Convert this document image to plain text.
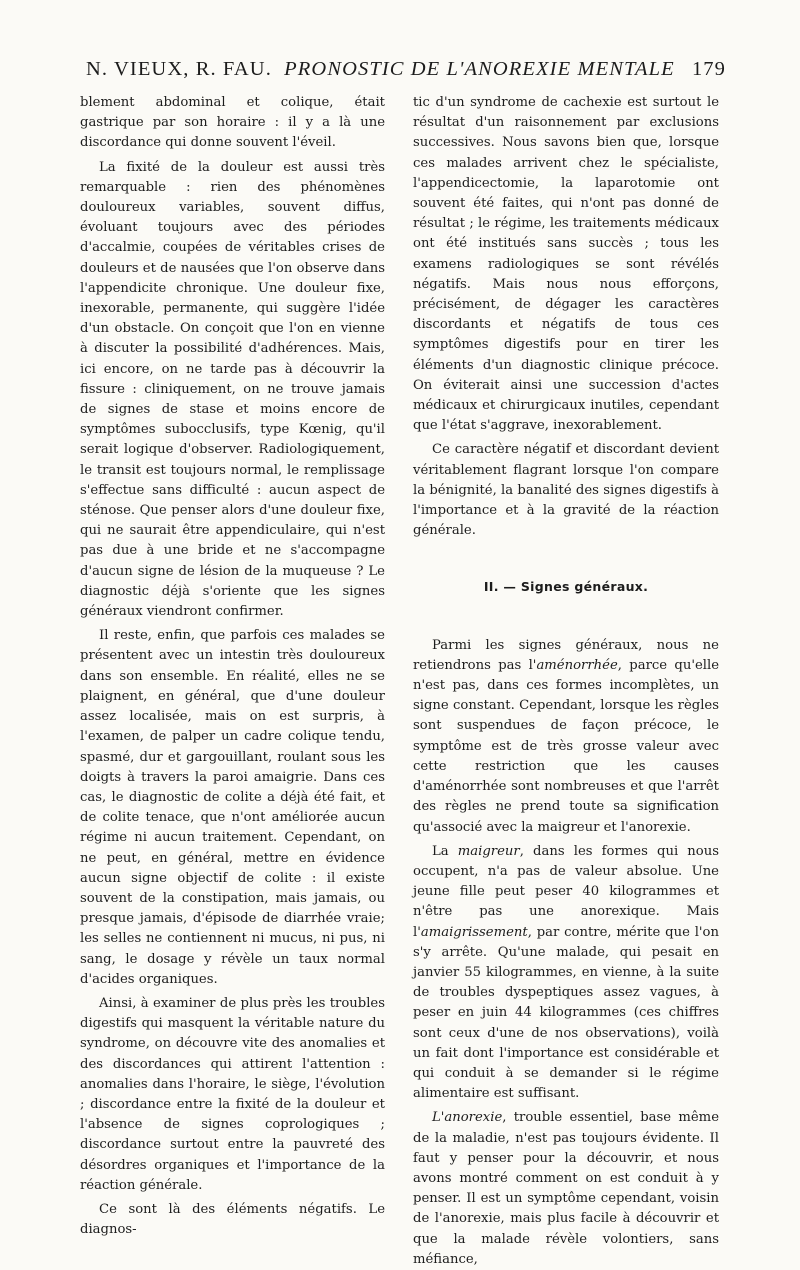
N. VIEUX, R. FAU. PRONOSTIC DE L'ANOREXIE MENTALE 179

blement abdominal et colique, était gastrique par son horaire : il y a là une discordance qui donne souvent l'éveil.

La fixité de la douleur est aussi très remarquable : rien des phénomènes douloureux variables, souvent diffus, évoluant toujours avec des périodes d'accalmie, coupées de véritables crises de douleurs et de nausées que l'on observe dans l'appendicite chronique. Une douleur fixe, inexorable, permanente, qui suggère l'idée d'un obstacle. On conçoit que l'on en vienne à discuter la possibilité d'adhérences. Mais, ici encore, on ne tarde pas à découvrir la fissure : cliniquement, on ne trouve jamais de signes de stase et moins encore de symptômes subocclusifs, type Kœnig, qu'il serait logique d'observer. Radiologiquement, le transit est toujours normal, le remplissage s'effectue sans difficulté : aucun aspect de sténose. Que penser alors d'une douleur fixe, qui ne saurait être appendiculaire, qui n'est pas due à une bride et ne s'accompagne d'aucun signe de lésion de la muqueuse ? Le diagnostic déjà s'oriente que les signes généraux viendront confirmer.

Il reste, enfin, que parfois ces malades se présentent avec un intestin très douloureux dans son ensemble. En réalité, elles ne se plaignent, en général, que d'une douleur assez localisée, mais on est surpris, à l'examen, de palper un cadre colique tendu, spasmé, dur et gargouillant, roulant sous les doigts à travers la paroi amaigrie. Dans ces cas, le diagnostic de colite a déjà été fait, et de colite tenace, que n'ont améliorée aucun régime ni aucun traitement. Cependant, on ne peut, en général, mettre en évidence aucun signe objectif de colite : il existe souvent de la constipation, mais jamais, ou presque jamais, d'épisode de diarrhée vraie; les selles ne contiennent ni mucus, ni pus, ni sang, le dosage y révèle un taux normal d'acides organiques.

Ainsi, à examiner de plus près les troubles digestifs qui masquent la véritable nature du syndrome, on découvre vite des anomalies et des discordances qui attirent l'attention : anomalies dans l'horaire, le siège, l'évolution ; discordance entre la fixité de la douleur et l'absence de signes coprologiques ; discordance surtout entre la pauvreté des désordres organiques et l'importance de la réaction générale.

Ce sont là des éléments négatifs. Le diagnos-

tic d'un syndrome de cachexie est surtout le résultat d'un raisonnement par exclusions successives. Nous savons bien que, lorsque ces malades arrivent chez le spécialiste, l'appendicectomie, la laparotomie ont souvent été faites, qui n'ont pas donné de résultat ; le régime, les traitements médicaux ont été institués sans succès ; tous les examens radiologiques se sont révélés négatifs. Mais nous nous efforçons, précisément, de dégager les caractères discordants et négatifs de tous ces symptômes digestifs pour en tirer les éléments d'un diagnostic clinique précoce. On éviterait ainsi une succession d'actes médicaux et chirurgicaux inutiles, cependant que l'état s'aggrave, inexorablement.

Ce caractère négatif et discordant devient véritablement flagrant lorsque l'on compare la bénignité, la banalité des signes digestifs à l'importance et à la gravité de la réaction générale.

II. — Signes généraux.

Parmi les signes généraux, nous ne retiendrons pas l'aménorrhée, parce qu'elle n'est pas, dans ces formes incomplètes, un signe constant. Cependant, lorsque les règles sont suspendues de façon précoce, le symptôme est de très grosse valeur avec cette restriction que les causes d'aménorrhée sont nombreuses et que l'arrêt des règles ne prend toute sa signification qu'associé avec la maigreur et l'anorexie.

La maigreur, dans les formes qui nous occupent, n'a pas de valeur absolue. Une jeune fille peut peser 40 kilogrammes et n'être pas une anorexique. Mais l'amaigrissement, par contre, mérite que l'on s'y arrête. Qu'une malade, qui pesait en janvier 55 kilogrammes, en vienne, à la suite de troubles dyspeptiques assez vagues, à peser en juin 44 kilogrammes (ces chiffres sont ceux d'une de nos observations), voilà un fait dont l'importance est considérable et qui conduit à se demander si le régime alimentaire est suffisant.

L'anorexie, trouble essentiel, base même de la maladie, n'est pas toujours évidente. Il faut y penser pour la découvrir, et nous avons montré comment on est conduit à y penser. Il est un symptôme cependant, voisin de l'anorexie, mais plus facile à découvrir et que la malade révèle volontiers, sans méfiance,
